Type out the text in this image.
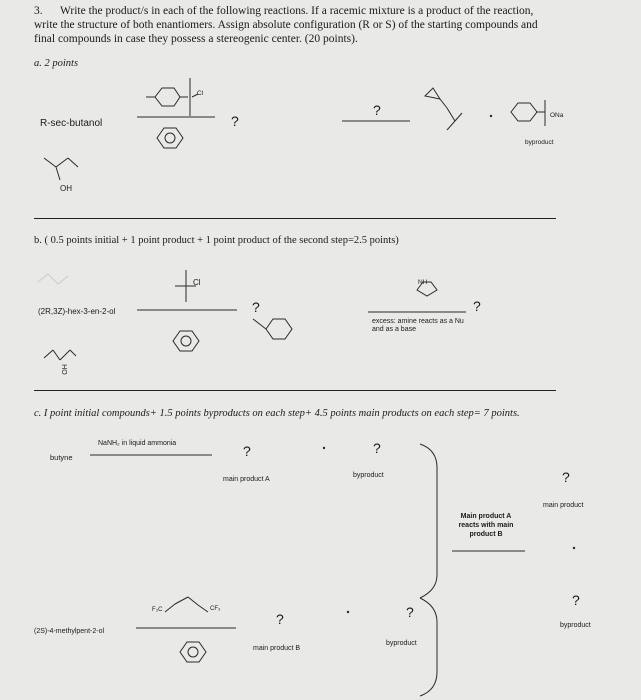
3. Write the product/s in each of the following reactions. If a racemic mixture is a product of the reaction,
write the structure of both enantiomers. Assign absolute configuration (R or S) of the starting compounds and
final compounds in case they possess a stereogenic center. (20 points).
a. 2 points
R-sec-butanol
Cl
?
?	ONa
byproduct
OH
b. ( 0.5 points initial + 1 point product + 1 point product of the second step=2.5 points)
(2R,3Z)-hex-3-en-2-ol
Cl
?
NH
?
excess: amine reacts as a Nu and as a base
OH
c. I point initial compounds+ 1.5 points byproducts on each step+ 4.5 points main products on each step= 7 points.
NaNH₂ in liquid ammonia
butyne	?
main product A
?
byproduct
Main product A reacts with main product B
?
main product
?
byproduct
(2S)-4-methylpent-2-ol
F₃C	CF₃
?
main product B
?
byproduct
